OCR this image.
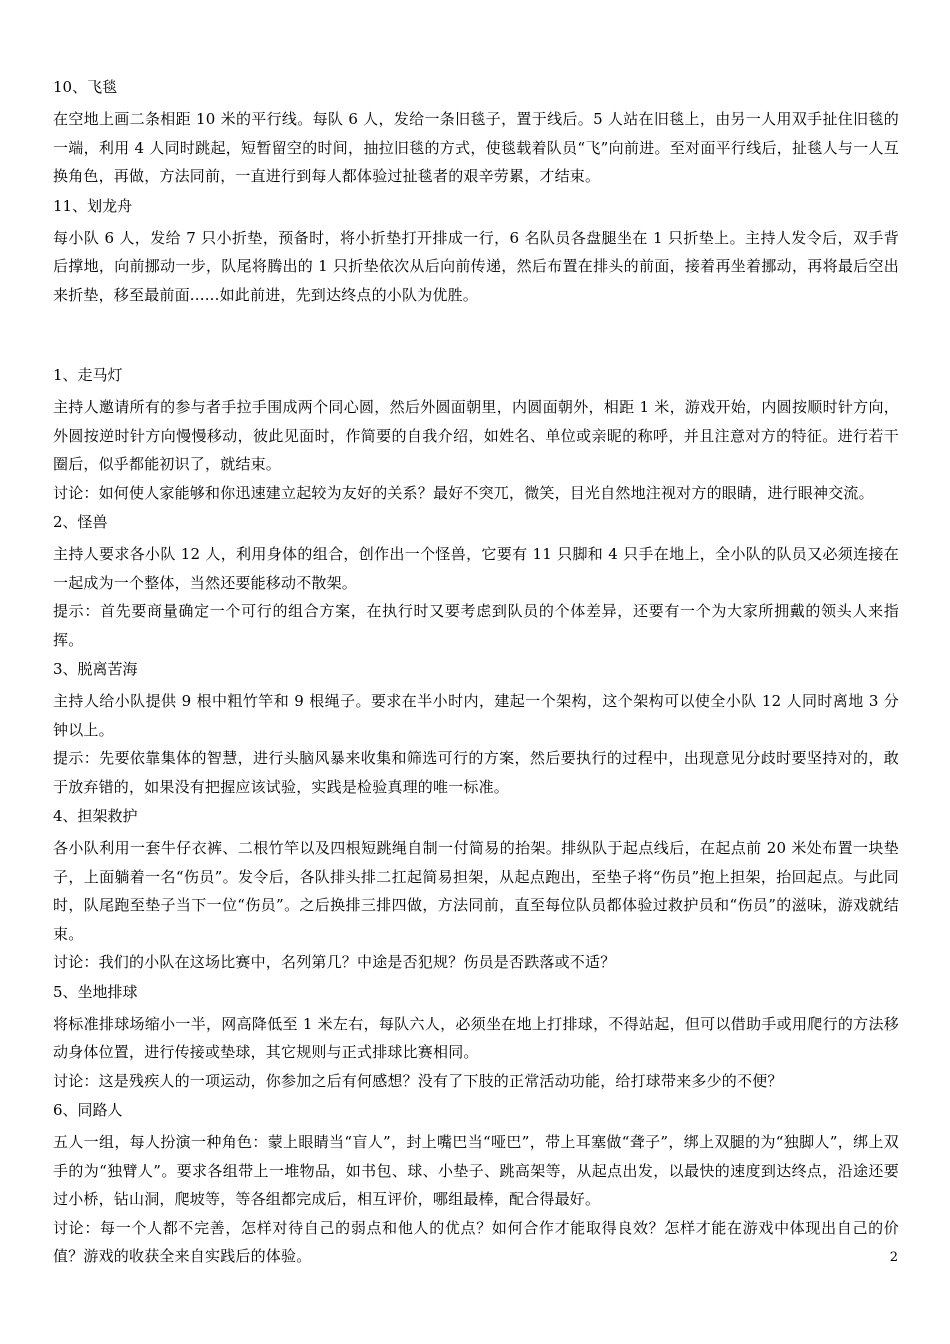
10、飞毯
在空地上画二条相距 10 米的平行线。每队 6 人，发给一条旧毯子，置于线后。5 人站在旧毯上，由另一人用双手扯住旧毯的一端，利用 4 人同时跳起，短暂留空的时间，抽拉旧毯的方式，使毯载着队员“飞”向前进。至对面平行线后，扯毯人与一人互换角色，再做，方法同前，一直进行到每人都体验过扯毯者的艰辛劳累，才结束。
11、划龙舟
每小队 6 人，发给 7 只小折垫，预备时，将小折垫打开排成一行，6 名队员各盘腿坐在 1 只折垫上。主持人发令后，双手背后撑地，向前挪动一步，队尾将腾出的 1 只折垫依次从后向前传递，然后布置在排头的前面，接着再坐着挪动，再将最后空出来折垫，移至最前面......如此前进，先到达终点的小队为优胜。
1、走马灯
主持人邀请所有的参与者手拉手围成两个同心圆，然后外圆面朝里，内圆面朝外，相距 1 米，游戏开始，内圆按顺时针方向，外圆按逆时针方向慢慢移动，彼此见面时，作简要的自我介绍，如姓名、单位或亲昵的称呼，并且注意对方的特征。进行若干圈后，似乎都能初识了，就结束。
讨论：如何使人家能够和你迅速建立起较为友好的关系？最好不突兀，微笑，目光自然地注视对方的眼睛，进行眼神交流。
2、怪兽
主持人要求各小队 12 人，利用身体的组合，创作出一个怪兽，它要有 11 只脚和 4 只手在地上，全小队的队员又必须连接在一起成为一个整体，当然还要能移动不散架。
提示：首先要商量确定一个可行的组合方案，在执行时又要考虑到队员的个体差异，还要有一个为大家所拥戴的领头人来指挥。
3、脱离苦海
主持人给小队提供 9 根中粗竹竿和 9 根绳子。要求在半小时内，建起一个架构，这个架构可以使全小队 12 人同时离地 3 分钟以上。
提示：先要依靠集体的智慧，进行头脑风暴来收集和筛选可行的方案，然后要执行的过程中，出现意见分歧时要坚持对的，敢于放弃错的，如果没有把握应该试验，实践是检验真理的唯一标准。
4、担架救护
各小队利用一套牛仔衣裤、二根竹竿以及四根短跳绳自制一付简易的抬架。排纵队于起点线后，在起点前 20 米处布置一块垫子，上面躺着一名“伤员”。发令后，各队排头排二扛起简易担架，从起点跑出，至垫子将“伤员”抱上担架，抬回起点。与此同时，队尾跑至垫子当下一位“伤员”。之后换排三排四做，方法同前，直至每位队员都体验过救护员和“伤员”的滋味，游戏就结束。
讨论：我们的小队在这场比赛中，名列第几？中途是否犯规？伤员是否跌落或不适？
5、坐地排球
将标准排球场缩小一半，网高降低至 1 米左右，每队六人，必须坐在地上打排球，不得站起，但可以借助手或用爬行的方法移动身体位置，进行传接或垫球，其它规则与正式排球比赛相同。
讨论：这是残疾人的一项运动，你参加之后有何感想？没有了下肢的正常活动功能，给打球带来多少的不便？
6、同路人
五人一组，每人扮演一种角色：蒙上眼睛当“盲人”，封上嘴巴当“哑巴”，带上耳塞做“聋子”，绑上双腿的为“独脚人”，绑上双手的为“独臂人”。要求各组带上一堆物品，如书包、球、小垫子、跳高架等，从起点出发，以最快的速度到达终点，沿途还要过小桥，钻山洞，爬坡等，等各组都完成后，相互评价，哪组最棒，配合得最好。
讨论：每一个人都不完善，怎样对待自己的弱点和他人的优点？如何合作才能取得良效？怎样才能在游戏中体现出自己的价值？游戏的收获全来自实践后的体验。	2
